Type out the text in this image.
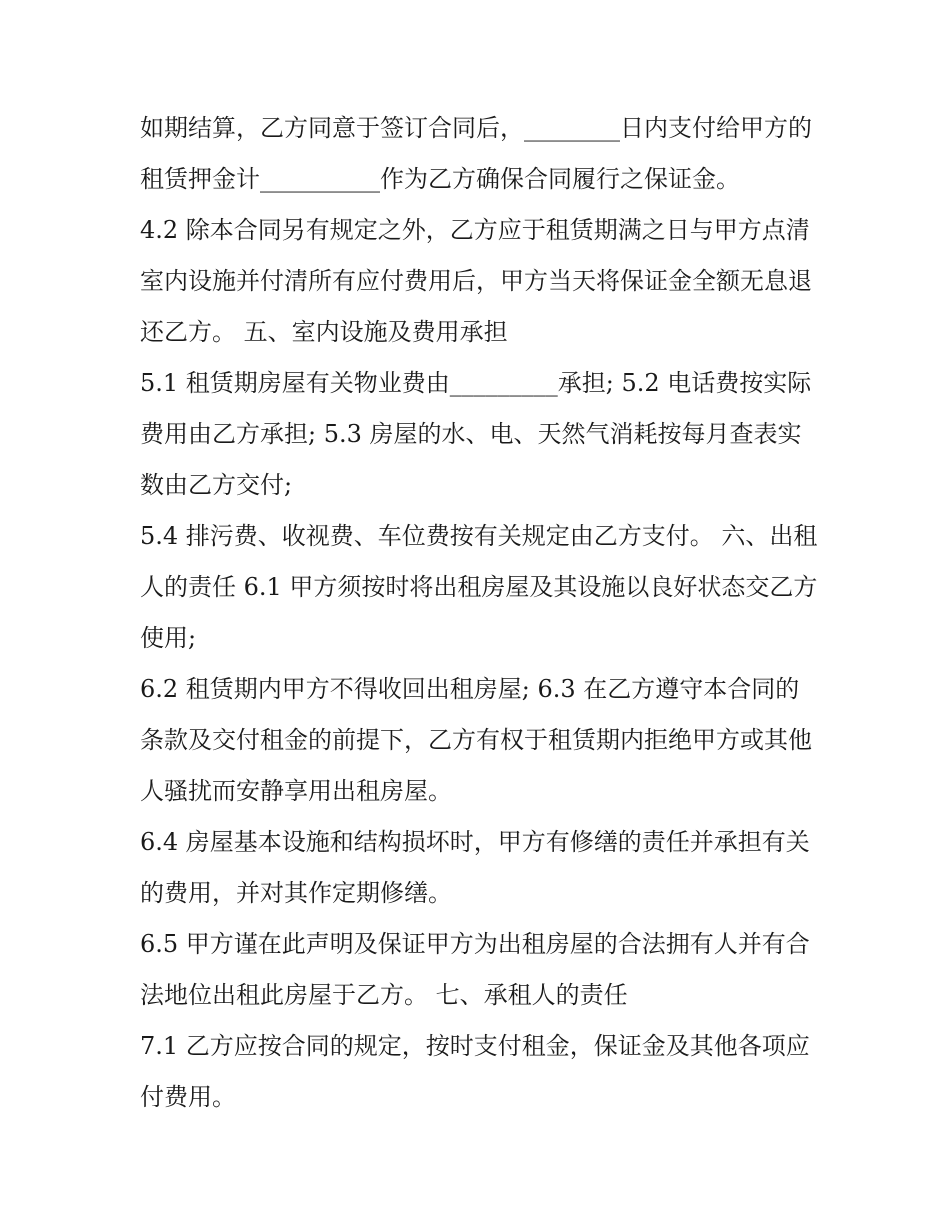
如期结算，乙方同意于签订合同后，________日内支付给甲方的租赁押金计__________作为乙方确保合同履行之保证金。

4.2 除本合同另有规定之外，乙方应于租赁期满之日与甲方点清室内设施并付清所有应付费用后，甲方当天将保证金全额无息退还乙方。 五、室内设施及费用承担

5.1 租赁期房屋有关物业费由_________承担; 5.2 电话费按实际费用由乙方承担; 5.3 房屋的水、电、天然气消耗按每月查表实数由乙方交付;

5.4 排污费、收视费、车位费按有关规定由乙方支付。 六、出租人的责任 6.1 甲方须按时将出租房屋及其设施以良好状态交乙方使用;

6.2 租赁期内甲方不得收回出租房屋; 6.3 在乙方遵守本合同的条款及交付租金的前提下，乙方有权于租赁期内拒绝甲方或其他人骚扰而安静享用出租房屋。

6.4 房屋基本设施和结构损坏时，甲方有修缮的责任并承担有关的费用，并对其作定期修缮。

6.5 甲方谨在此声明及保证甲方为出租房屋的合法拥有人并有合法地位出租此房屋于乙方。 七、承租人的责任

7.1 乙方应按合同的规定，按时支付租金，保证金及其他各项应付费用。
